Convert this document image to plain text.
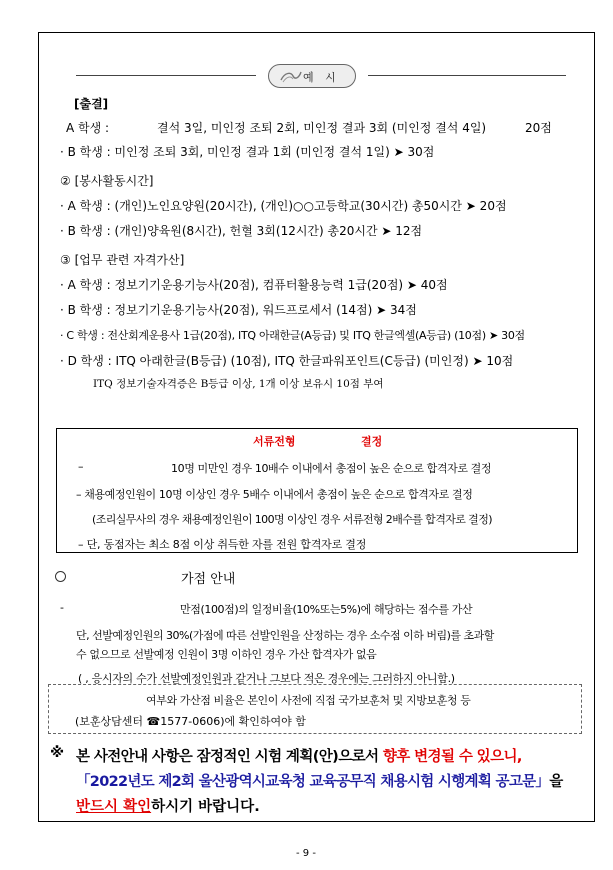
예 시
[출결]
A 학생 :	결석 3일, 미인정 조퇴 2회, 미인정 결과 3회 (미인정 결석 4일)	20점
· B 학생 : 미인정 조퇴 3회, 미인정 결과 1회 (미인정 결석 1일) ➤ 30점
② [봉사활동시간]
· A 학생 : (개인)노인요양원(20시간), (개인)○○고등학교(30시간) 총50시간 ➤ 20점
· B 학생 : (개인)양육원(8시간), 헌혈 3회(12시간) 총20시간 ➤ 12점
③ [업무 관련 자격가산]
· A 학생 : 정보기기운용기능사(20점), 컴퓨터활용능력 1급(20점) ➤ 40점
· B 학생 : 정보기기운용기능사(20점), 워드프로세서 (14점) ➤ 34점
· C 학생 : 전산회계운용사 1급(20점), ITQ 아래한글(A등급) 및 ITQ 한글엑셀(A등급) (10점) ➤ 30점
· D 학생 : ITQ 아래한글(B등급) (10점), ITQ 한글파워포인트(C등급) (미인정) ➤ 10점
ITQ 정보기술자격증은 B등급 이상, 1개 이상 보유시 10점 부여
서류전형	결정
–	10명 미만인 경우 10배수 이내에서 총점이 높은 순으로 합격자로 결정
– 채용예정인원이 10명 이상인 경우 5배수 이내에서 총점이 높은 순으로 합격자로 결정
(조리실무사의 경우 채용예정인원이 100명 이상인 경우 서류전형 2배수를 합격자로 결정)
– 단, 동점자는 최소 8점 이상 취득한 자를 전원 합격자로 결정
가점 안내
-	만점(100점)의 일정비율(10%또는5%)에 해당하는 점수를 가산
단, 선발예정인원의 30%(가점에 따른 선발인원을 산정하는 경우 소수점 이하 버림)를 초과할
수 없으므로 선발예정 인원이 3명 이하인 경우 가산 합격자가 없음
( , 응시자의 수가 선발예정인원과 같거나 그보다 적은 경우에는 그러하지 아니함.)
여부와 가산점 비율은 본인이 사전에 직접 국가보훈처 및 지방보훈청 등
(보훈상담센터 ☎1577-0606)에 확인하여야 함
※ 본 사전안내 사항은 잠정적인 시험 계획(안)으로서 향후 변경될 수 있으니,
「2022년도 제2회 울산광역시교육청 교육공무직 채용시험 시행계획 공고문」을
반드시 확인하시기 바랍니다.
- 9 -
